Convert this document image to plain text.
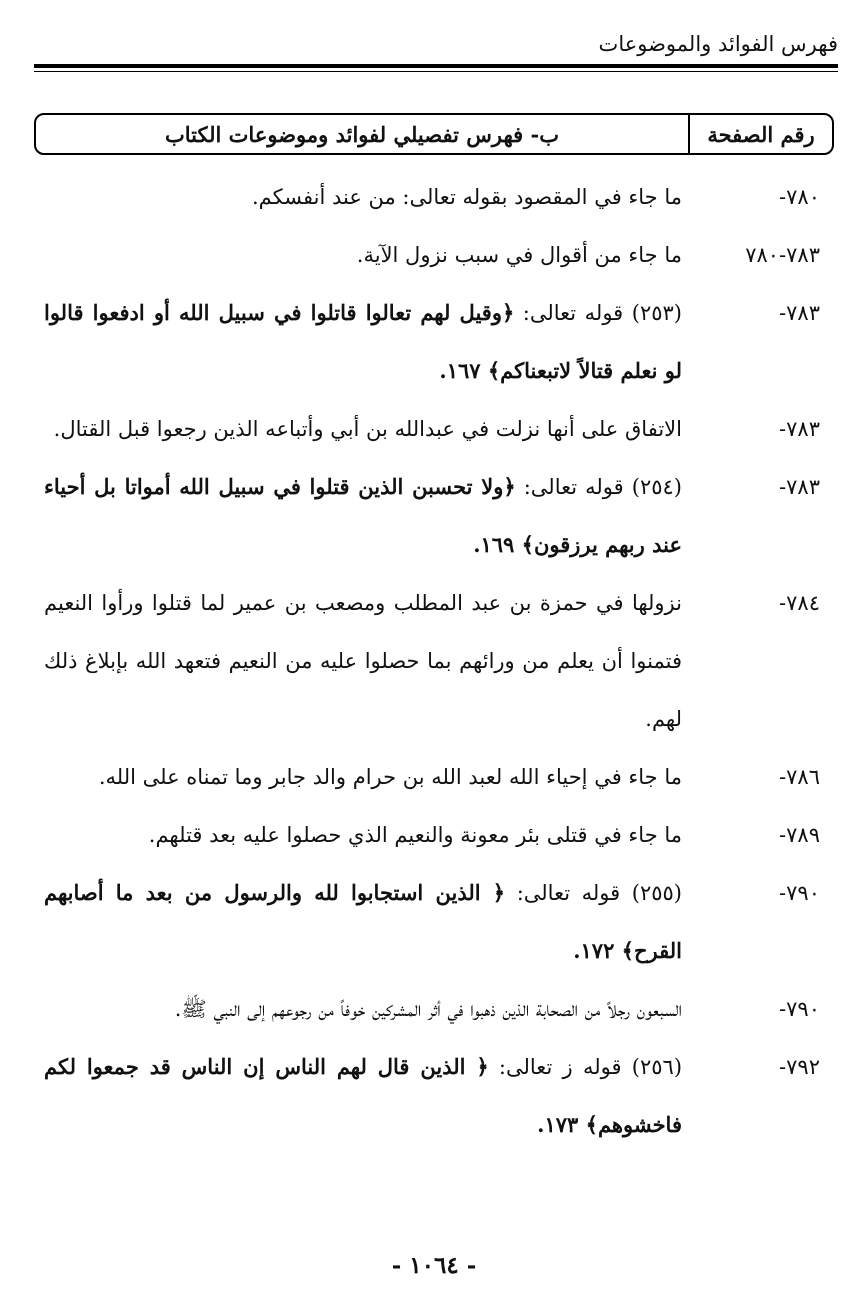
فهرس الفوائد والموضوعات
رقم الصفحة
ب- فهرس تفصيلي لفوائد وموضوعات الكتاب
٧٨٠-
ما جاء في المقصود بقوله تعالى: من عند أنفسكم.
٧٨٣-٧٨٠
ما جاء من أقوال في سبب نزول الآية.
٧٨٣-
(٢٥٣) قوله تعالى: ﴿وقيل لهم تعالوا قاتلوا في سبيل الله أو ادفعوا قالوا لو نعلم قتالاً لاتبعناكم﴾ ١٦٧.
٧٨٣-
الاتفاق على أنها نزلت في عبدالله بن أبي وأتباعه الذين رجعوا قبل القتال.
٧٨٣-
(٢٥٤) قوله تعالى: ﴿ولا تحسبن الذين قتلوا في سبيل الله أمواتا بل أحياء عند ربهم يرزقون﴾ ١٦٩.
٧٨٤-
نزولها في حمزة بن عبد المطلب ومصعب بن عمير لما قتلوا ورأوا النعيم فتمنوا أن يعلم من ورائهم بما حصلوا عليه من النعيم فتعهد الله بإبلاغ ذلك لهم.
٧٨٦-
ما جاء في إحياء الله لعبد الله بن حرام والد جابر وما تمناه على الله.
٧٨٩-
ما جاء في قتلى بئر معونة والنعيم الذي حصلوا عليه بعد قتلهم.
٧٩٠-
(٢٥٥) قوله تعالى: ﴿ الذين استجابوا لله والرسول من بعد ما أصابهم القرح﴾ ١٧٢.
٧٩٠-
السبعون رجلاً من الصحابة الذين ذهبوا في أثر المشركين خوفاً من رجوعهم إلى النبي ﷺ.
٧٩٢-
(٢٥٦) قوله ز تعالى: ﴿ الذين قال لهم الناس إن الناس قد جمعوا لكم فاخشوهم﴾ ١٧٣.
- ١٠٦٤ -
